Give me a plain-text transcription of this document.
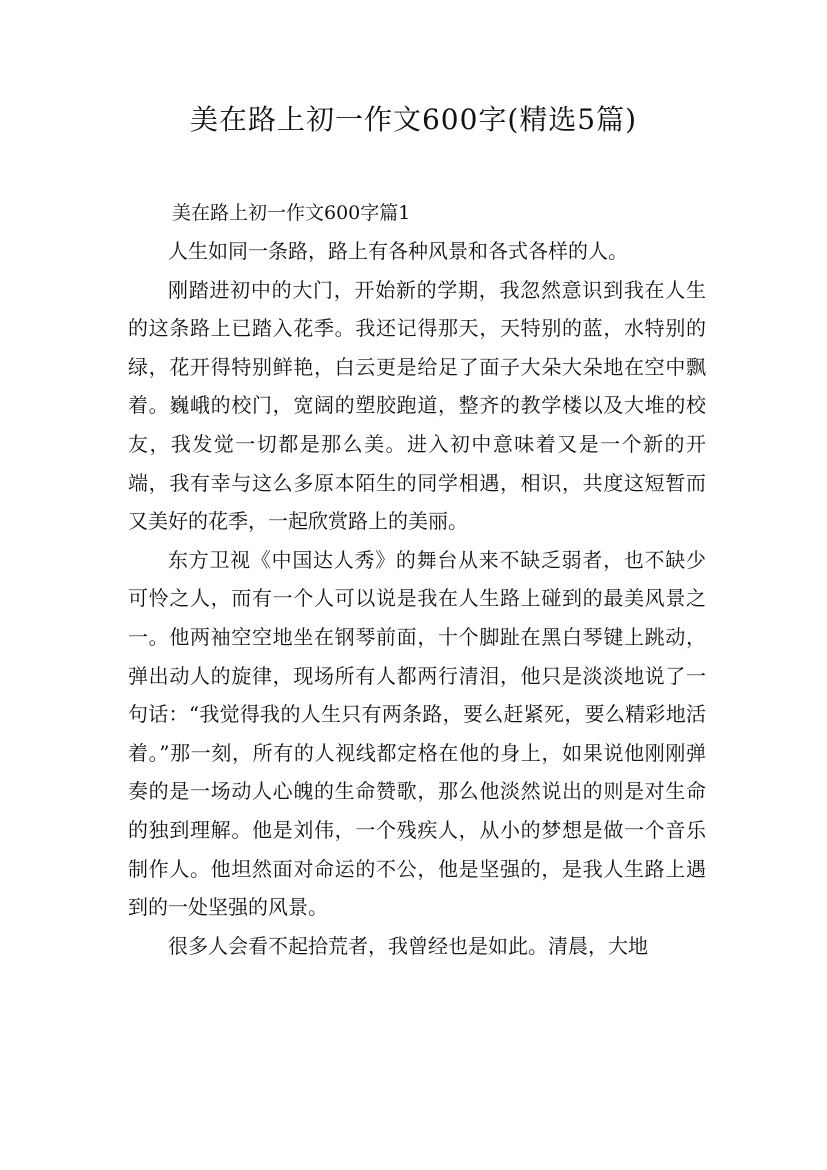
美在路上初一作文600字(精选5篇)

美在路上初一作文600字篇1

人生如同一条路，路上有各种风景和各式各样的人。

刚踏进初中的大门，开始新的学期，我忽然意识到我在人生的这条路上已踏入花季。我还记得那天，天特别的蓝，水特别的绿，花开得特别鲜艳，白云更是给足了面子大朵大朵地在空中飘着。巍峨的校门，宽阔的塑胶跑道，整齐的教学楼以及大堆的校友，我发觉一切都是那么美。进入初中意味着又是一个新的开端，我有幸与这么多原本陌生的同学相遇，相识，共度这短暂而又美好的花季，一起欣赏路上的美丽。

东方卫视《中国达人秀》的舞台从来不缺乏弱者，也不缺少可怜之人，而有一个人可以说是我在人生路上碰到的最美风景之一。他两袖空空地坐在钢琴前面，十个脚趾在黑白琴键上跳动，弹出动人的旋律，现场所有人都两行清泪，他只是淡淡地说了一句话：“我觉得我的人生只有两条路，要么赶紧死，要么精彩地活着。”那一刻，所有的人视线都定格在他的身上，如果说他刚刚弹奏的是一场动人心魄的生命赞歌，那么他淡然说出的则是对生命的独到理解。他是刘伟，一个残疾人，从小的梦想是做一个音乐制作人。他坦然面对命运的不公，他是坚强的，是我人生路上遇到的一处坚强的风景。

很多人会看不起拾荒者，我曾经也是如此。清晨，大地
